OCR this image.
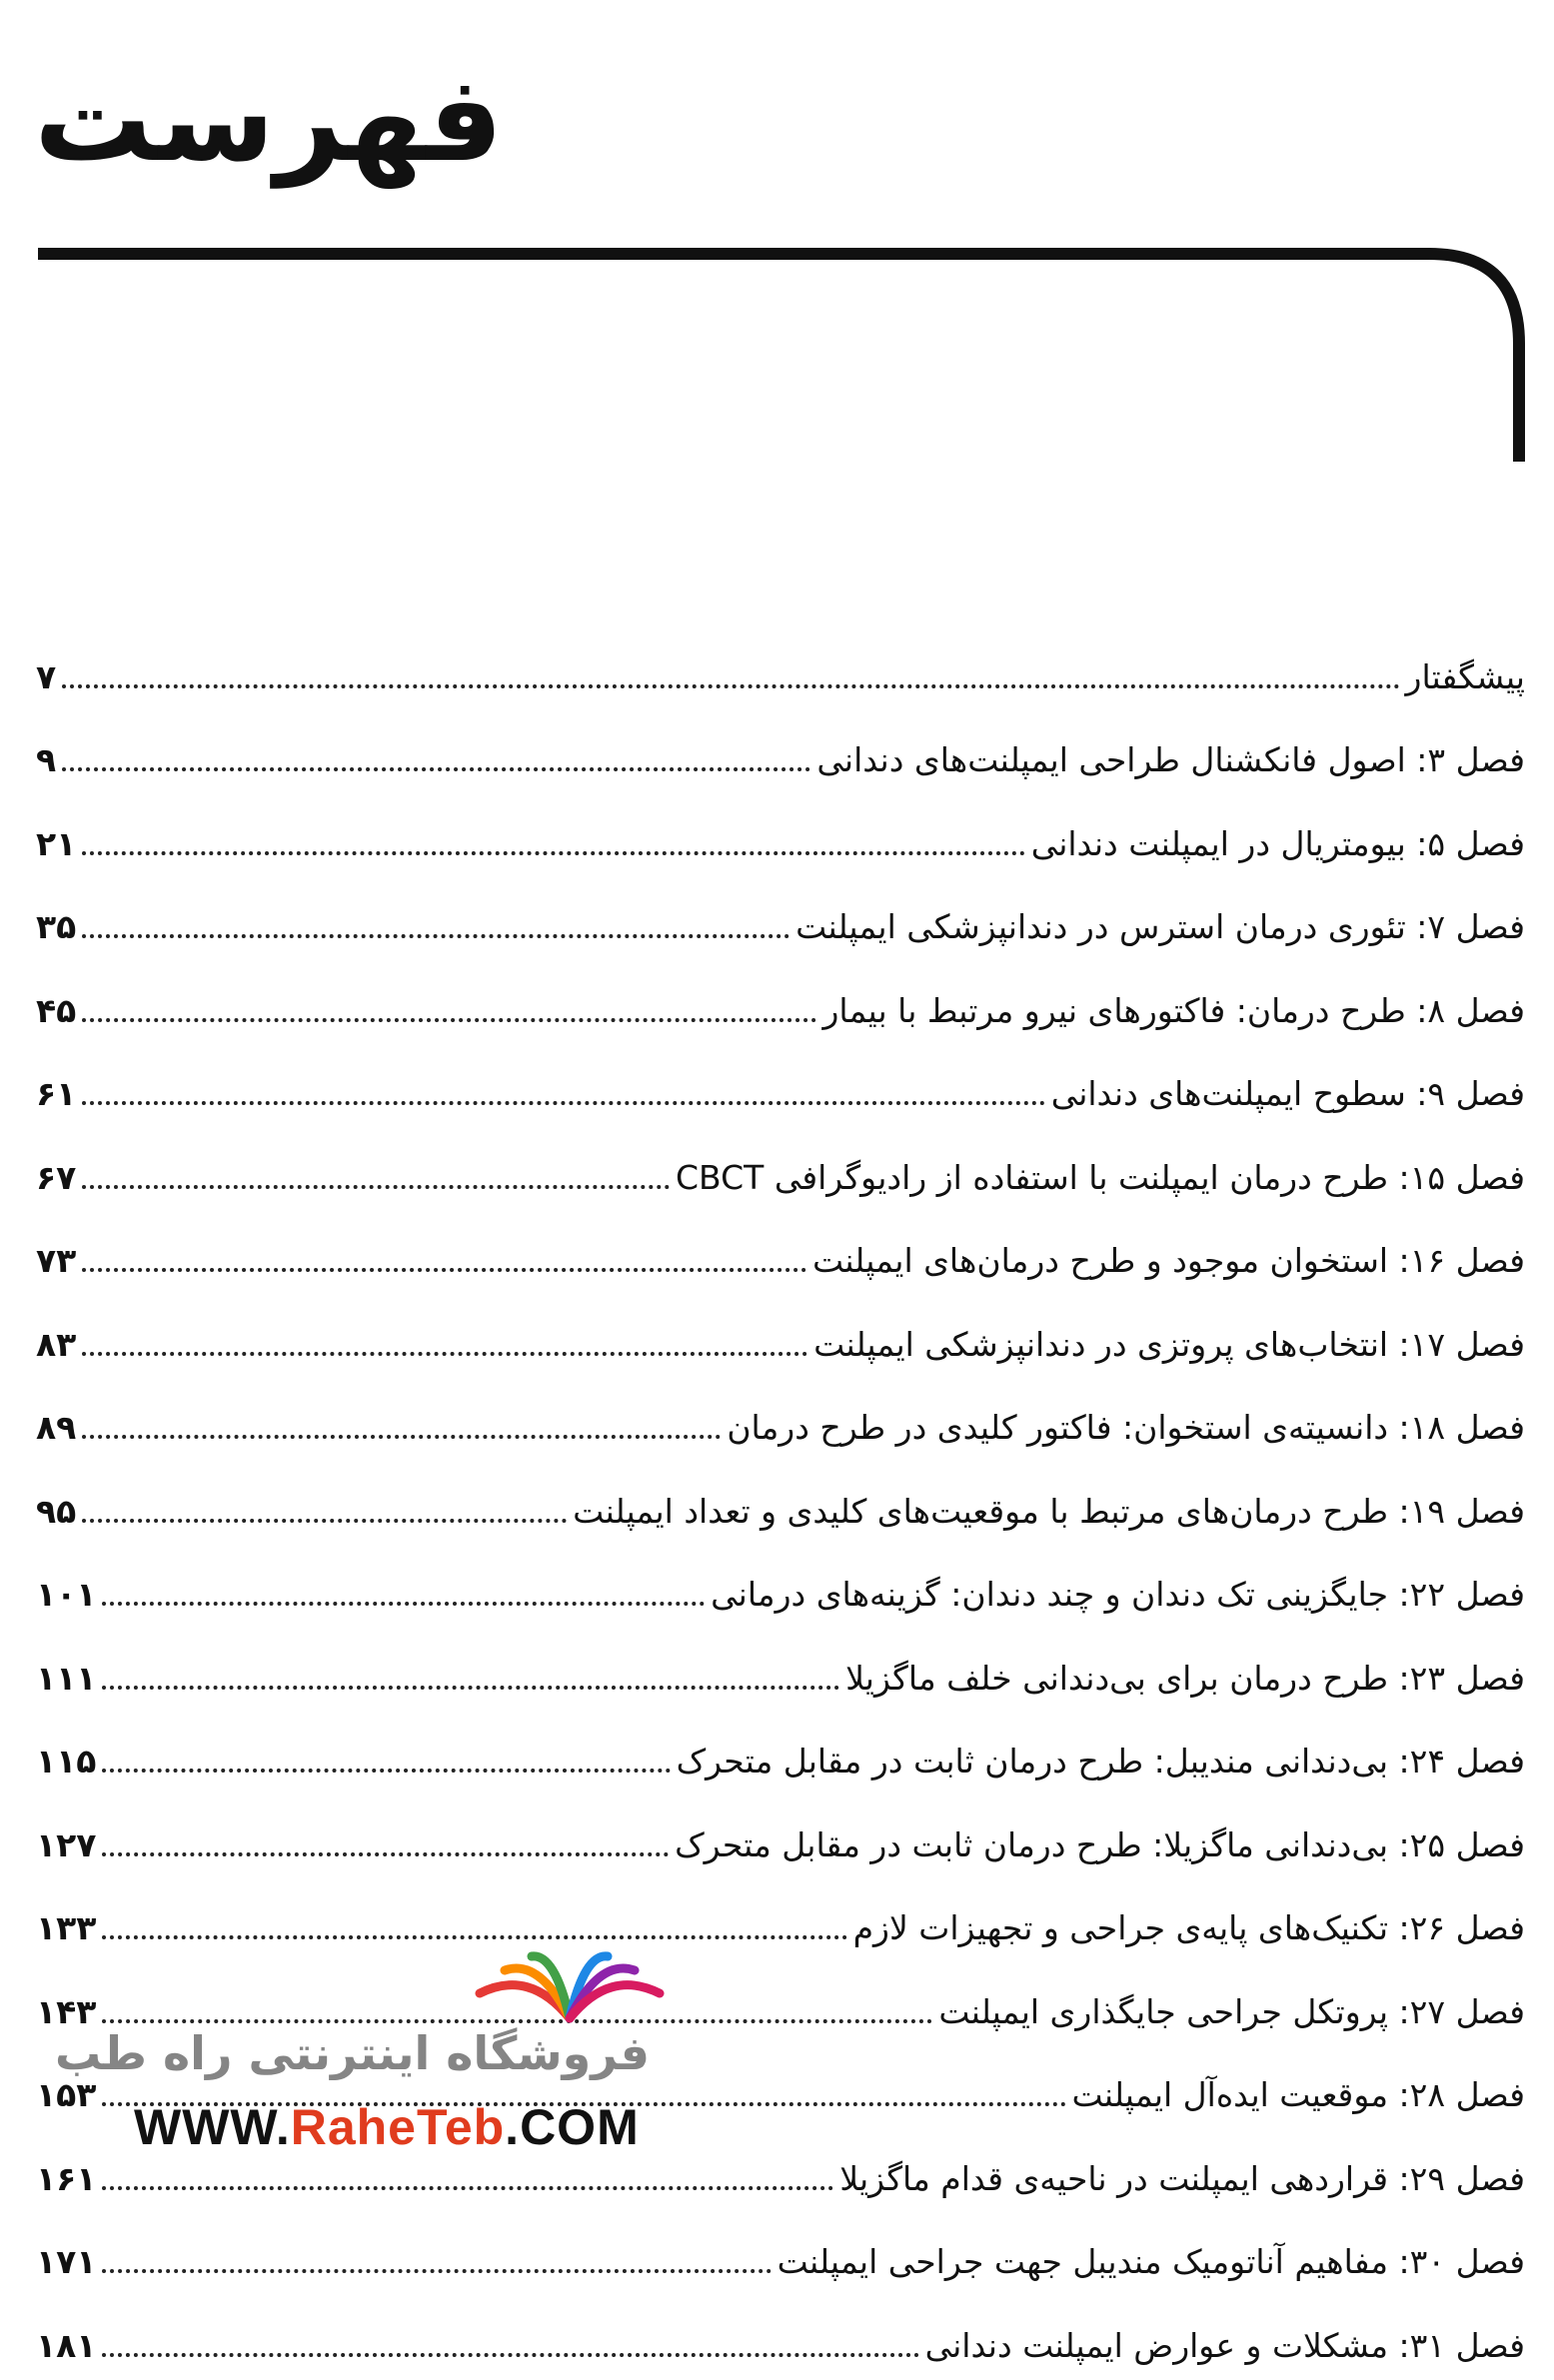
فهرست
پیشگفتار
۷
فصل ۳: اصول فانکشنال طراحی ایمپلنت‌های دندانی
۹
فصل ۵: بیومتریال در ایمپلنت دندانی
۲۱
فصل ۷: تئوری درمان استرس در دندانپزشکی ایمپلنت
۳۵
فصل ۸: طرح درمان: فاکتورهای نیرو مرتبط با بیمار
۴۵
فصل ۹: سطوح ایمپلنت‌های دندانی
۶۱
فصل ۱۵: طرح درمان ایمپلنت با استفاده از رادیوگرافی CBCT
۶۷
فصل ۱۶: استخوان موجود و طرح درمان‌های ایمپلنت
۷۳
فصل ۱۷: انتخاب‌های پروتزی در دندانپزشکی ایمپلنت
۸۳
فصل ۱۸: دانسیته‌ی استخوان: فاکتور کلیدی در طرح درمان
۸۹
فصل ۱۹: طرح درمان‌های مرتبط با موقعیت‌های کلیدی و تعداد ایمپلنت
۹۵
فصل ۲۲: جایگزینی تک دندان و چند دندان: گزینه‌های درمانی
۱۰۱
فصل ۲۳: طرح درمان برای بی‌دندانی خلف ماگزیلا
۱۱۱
فصل ۲۴: بی‌دندانی مندیبل: طرح درمان ثابت در مقابل متحرک
۱۱۵
فصل ۲۵: بی‌دندانی ماگزیلا: طرح درمان ثابت در مقابل متحرک
۱۲۷
فصل ۲۶: تکنیک‌های پایه‌ی جراحی و تجهیزات لازم
۱۳۳
فصل ۲۷: پروتکل جراحی جایگذاری ایمپلنت
۱۴۳
فصل ۲۸: موقعیت ایده‌آل ایمپلنت
۱۵۳
فصل ۲۹: قراردهی ایمپلنت در ناحیه‌ی قدام ماگزیلا
۱۶۱
فصل ۳۰: مفاهیم آناتومیک مندیبل جهت جراحی ایمپلنت
۱۷۱
فصل ۳۱: مشکلات و عوارض ایمپلنت دندانی
۱۸۱
فروشگاه اینترنتی راه طب
WWW.RaheTeb.COM
